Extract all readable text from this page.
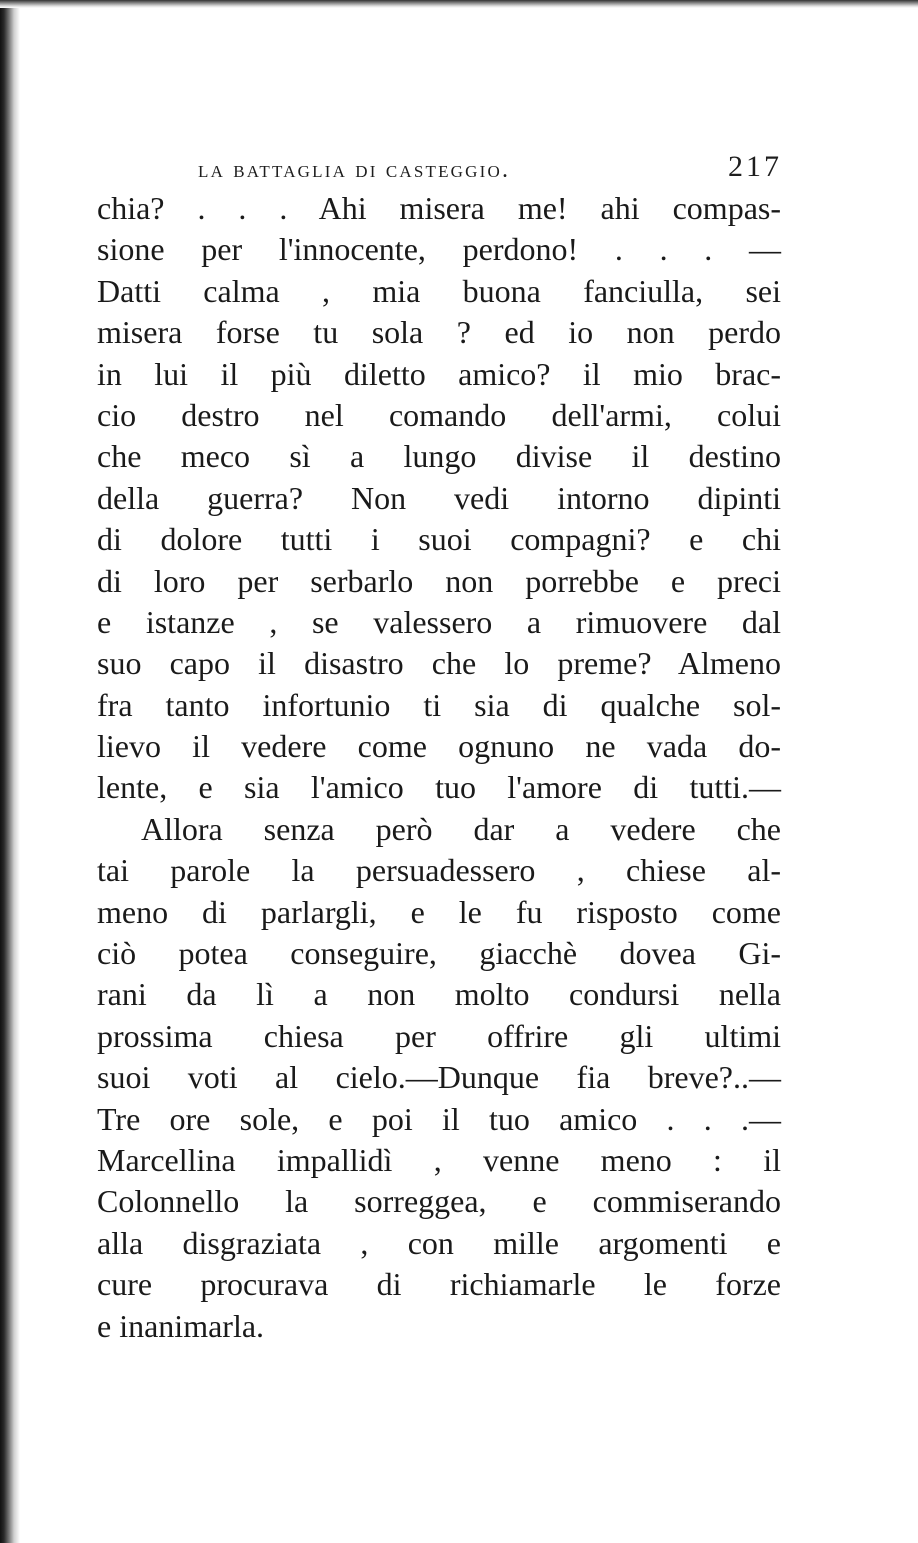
la battaglia di casteggio.	217
chia? . . . Ahi misera me! ahi compas-
sione per l'innocente, perdono! . . . —
Datti calma , mia buona fanciulla, sei
misera forse tu sola ? ed io non perdo
in lui il più diletto amico? il mio brac-
cio destro nel comando dell'armi, colui
che meco sì a lungo divise il destino
della guerra? Non vedi intorno dipinti
di dolore tutti i suoi compagni? e chi
di loro per serbarlo non porrebbe e preci
e istanze , se valessero a rimuovere dal
suo capo il disastro che lo preme? Almeno
fra tanto infortunio ti sia di qualche sol-
lievo il vedere come ognuno ne vada do-
lente, e sia l'amico tuo l'amore di tutti.—
Allora senza però dar a vedere che
tai parole la persuadessero , chiese al-
meno di parlargli, e le fu risposto come
ciò potea conseguire, giacchè dovea Gi-
rani da lì a non molto condursi nella
prossima chiesa per offrire gli ultimi
suoi voti al cielo.—Dunque fia breve?..—
Tre ore sole, e poi il tuo amico . . .—
Marcellina impallidì , venne meno : il
Colonnello la sorreggea, e commiserando
alla disgraziata , con mille argomenti e
cure procurava di richiamarle le forze
e inanimarla.
